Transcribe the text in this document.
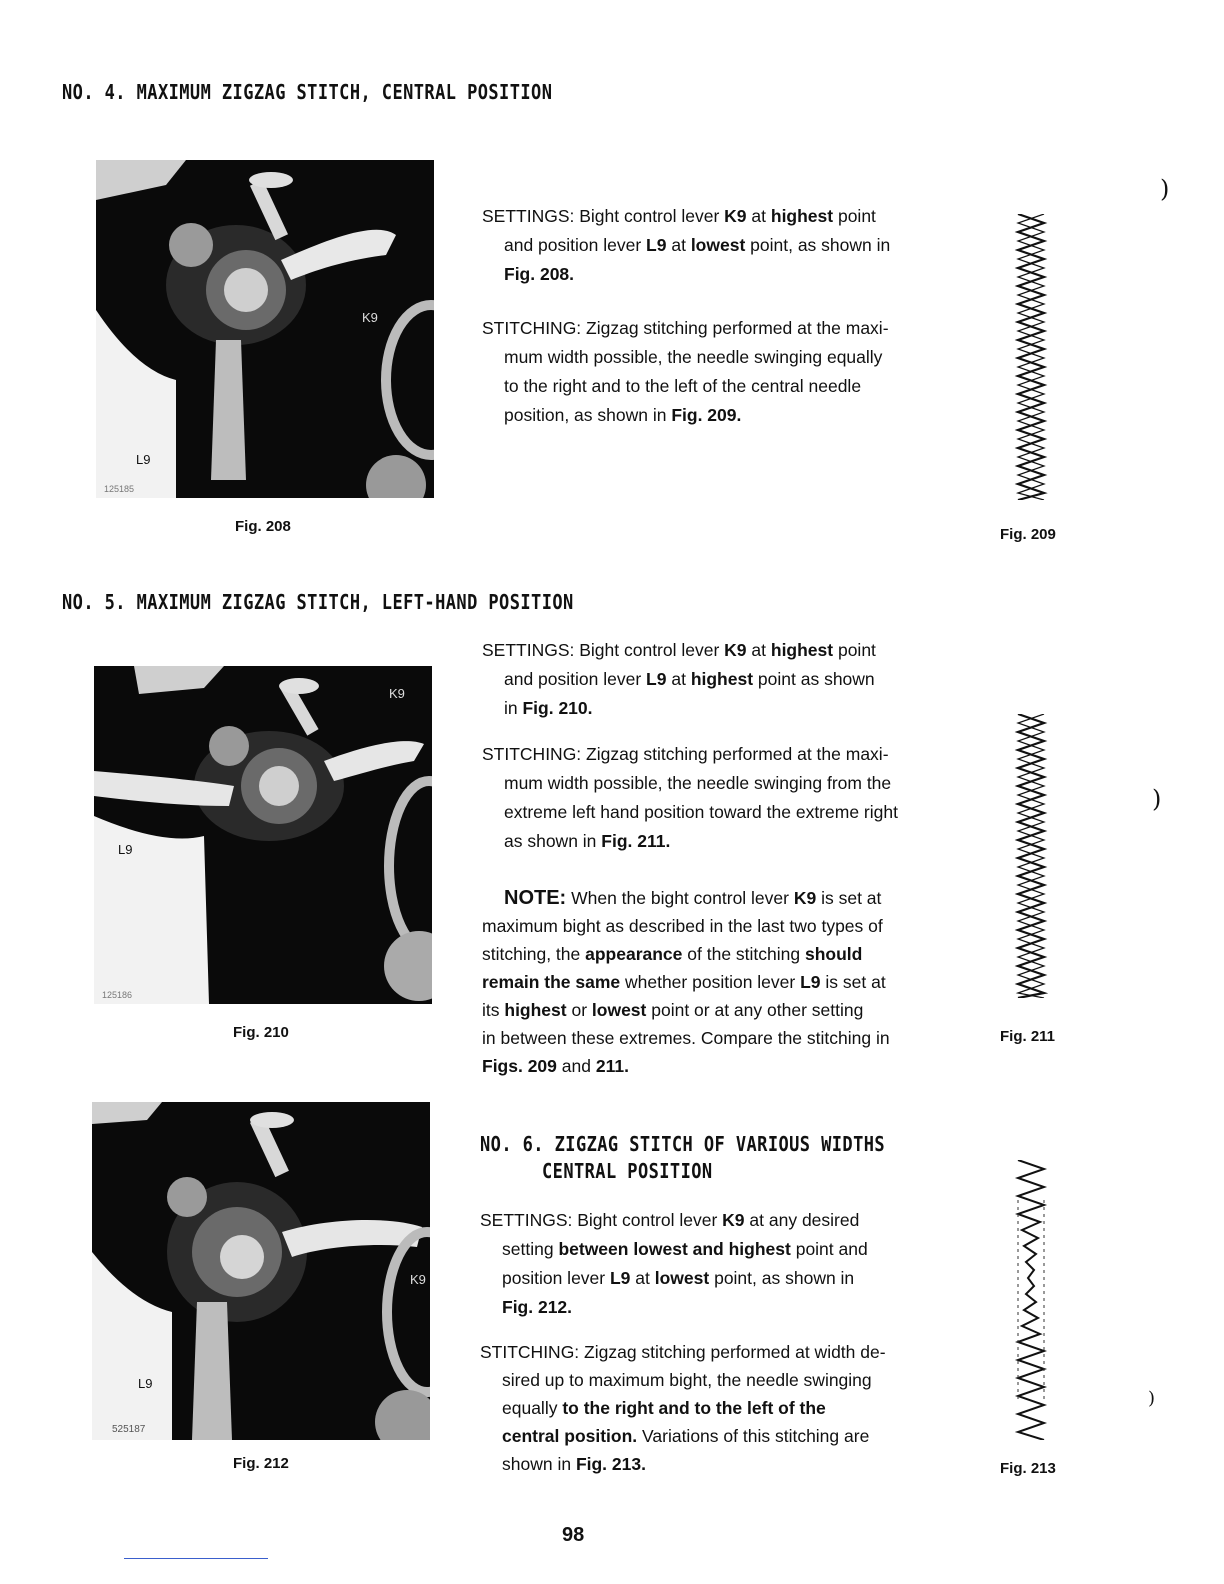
NO. 4. MAXIMUM ZIGZAG STITCH, CENTRAL POSITION
K9
L9
125185
Fig. 208
SETTINGS: Bight control lever K9 at highest point
and position lever L9 at lowest point, as shown in
Fig. 208.
STITCHING: Zigzag stitching performed at the maxi-
mum width possible, the needle swinging equally
to the right and to the left of the central needle
position, as shown in Fig. 209.
Fig. 209
)
NO. 5. MAXIMUM ZIGZAG STITCH, LEFT-HAND POSITION
K9
L9
125186
Fig. 210
SETTINGS: Bight control lever K9 at highest point
and position lever L9 at highest point as shown
in Fig. 210.
STITCHING: Zigzag stitching performed at the maxi-
mum width possible, the needle swinging from the
extreme left hand position toward the extreme right
as shown in Fig. 211.
NOTE: When the bight control lever K9 is set at
maximum bight as described in the last two types of
stitching, the appearance of the stitching should
remain the same whether position lever L9 is set at
its highest or lowest point or at any other setting
in between these extremes. Compare the stitching in
Figs. 209 and 211.
Fig. 211
)
K9
L9
525187
Fig. 212
NO. 6. ZIGZAG STITCH OF VARIOUS WIDTHS
CENTRAL POSITION
SETTINGS: Bight control lever K9 at any desired
setting between lowest and highest point and
position lever L9 at lowest point, as shown in
Fig. 212.
STITCHING: Zigzag stitching performed at width de-
sired up to maximum bight, the needle swinging
equally to the right and to the left of the
central position. Variations of this stitching are
shown in Fig. 213.	Fig. 213
)
98
